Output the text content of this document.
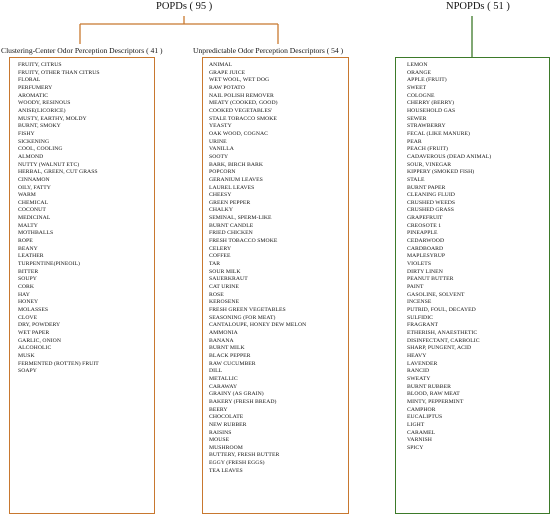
POPDs ( 95 )	NPOPDs ( 51 )
Clustering-Center Odor Perception Descriptors ( 41 )	Unpredictable Odor Perception Descriptors ( 54 )
FRUITY, CITRUS
FRUITY, OTHER THAN CITRUS
FLORAL
PERFUMERY
AROMATIC
WOODY, RESINOUS
ANISE(LICORICE)
MUSTY, EARTHY, MOLDY
BURNT, SMOKY
FISHY
SICKENING
COOL, COOLING
ALMOND
NUTTY (WALNUT ETC)
HERBAL, GREEN, CUT GRASS
CINNAMON
OILY, FATTY
WARM
CHEMICAL
COCONUT
MEDICINAL
MALTY
MOTHBALLS
ROPE
BEANY
LEATHER
TURPENTINE(PINEOIL)
BITTER
SOUPY
CORK
HAY
HONEY
MOLASSES
CLOVE
DRY, POWDERY
WET PAPER
GARLIC, ONION
ALCOHOLIC
MUSK
FERMENTED (ROTTEN) FRUIT
SOAPY
ANIMAL
GRAPE JUICE
WET WOOL, WET DOG
RAW POTATO
NAIL POLISH REMOVER
MEATY (COOKED, GOOD)
COOKED VEGETABLES'
STALE TOBACCO SMOKE
YEASTY
OAK WOOD, COGNAC
URINE
VANILLA
SOOTY
BARK, BIRCH BARK
POPCORN
GERANIUM LEAVES
LAUREL LEAVES
CHEESY
GREEN PEPPER
CHALKY
SEMINAL, SPERM-LIKE
BURNT CANDLE
FRIED CHICKEN
FRESH TOBACCO SMOKE
CELERY
COFFEE
TAR
SOUR MILK
SAUERKRAUT
CAT URINE
ROSE
KEROSENE
FRESH GREEN VEGETABLES
SEASONING (FOR MEAT)
CANTALOUPE, HONEY DEW MELON
AMMONIA
BANANA
BURNT MILK
BLACK PEPPER
RAW CUCUMBER
DILL
METALLIC
CARAWAY
GRAINY (AS GRAIN)
BAKERY (FRESH BREAD)
BEERY
CHOCOLATE
NEW RUBBER
RAISINS
MOUSE
MUSHROOM
BUTTERY, FRESH BUTTER
EGGY (FRESH EGGS)
TEA LEAVES
LEMON
ORANGE
APPLE (FRUIT)
SWEET
COLOGNE
CHERRY (BERRY)
HOUSEHOLD GAS
SEWER
STRAWBERRY
FECAL (LIKE MANURE)
PEAR
PEACH (FRUIT)
CADAVEROUS (DEAD ANIMAL)
SOUR, VINEGAR
KIPPERY (SMOKED FISH)
STALE
BURNT PAPER
CLEANING FLUID
CRUSHED WEEDS
CRUSHED GRASS
GRAPEFRUIT
CREOSOTE 1
PINEAPPLE
CEDARWOOD
CARDBOARD
MAPLESYRUP
VIOLETS
DIRTY LINEN
PEANUT BUTTER
PAINT
GASOLINE, SOLVENT
INCENSE
PUTRID, FOUL, DECAYED
SULFIDIC
FRAGRANT
ETHERISH, ANAESTHETIC
DISINFECTANT, CARBOLIC
SHARP, PUNGENT, ACID
HEAVY
LAVENDER
RANCID
SWEATY
BURNT RUBBER
BLOOD, RAW MEAT
MINTY, PEPPERMINT
CAMPHOR
EUCALIPTUS
LIGHT
CARAMEL
VARNISH
SPICY
